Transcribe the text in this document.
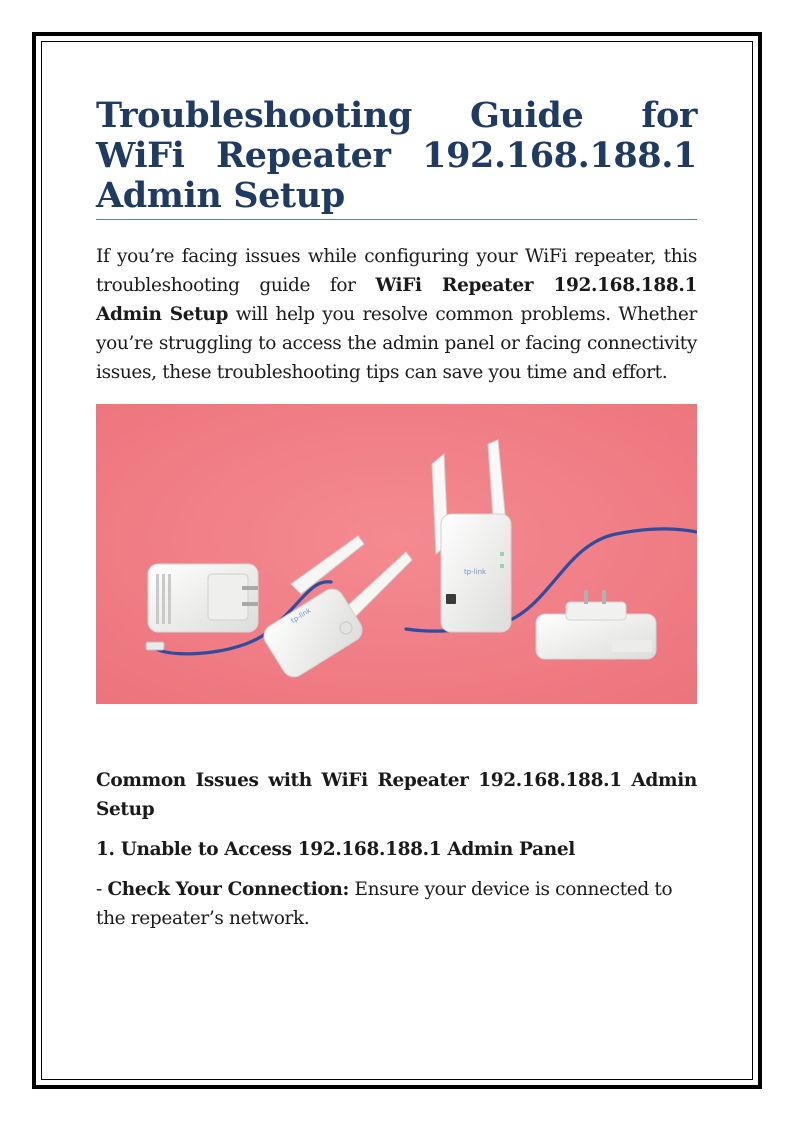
Troubleshooting Guide for WiFi Repeater 192.168.188.1 Admin Setup

If you’re facing issues while configuring your WiFi repeater, this troubleshooting guide for WiFi Repeater 192.168.188.1 Admin Setup will help you resolve common problems. Whether you’re struggling to access the admin panel or facing connectivity issues, these troubleshooting tips can save you time and effort.

tp-link
tp-link
Common Issues with WiFi Repeater 192.168.188.1 Admin Setup
1. Unable to Access 192.168.188.1 Admin Panel

- Check Your Connection: Ensure your device is connected to the repeater’s network.
